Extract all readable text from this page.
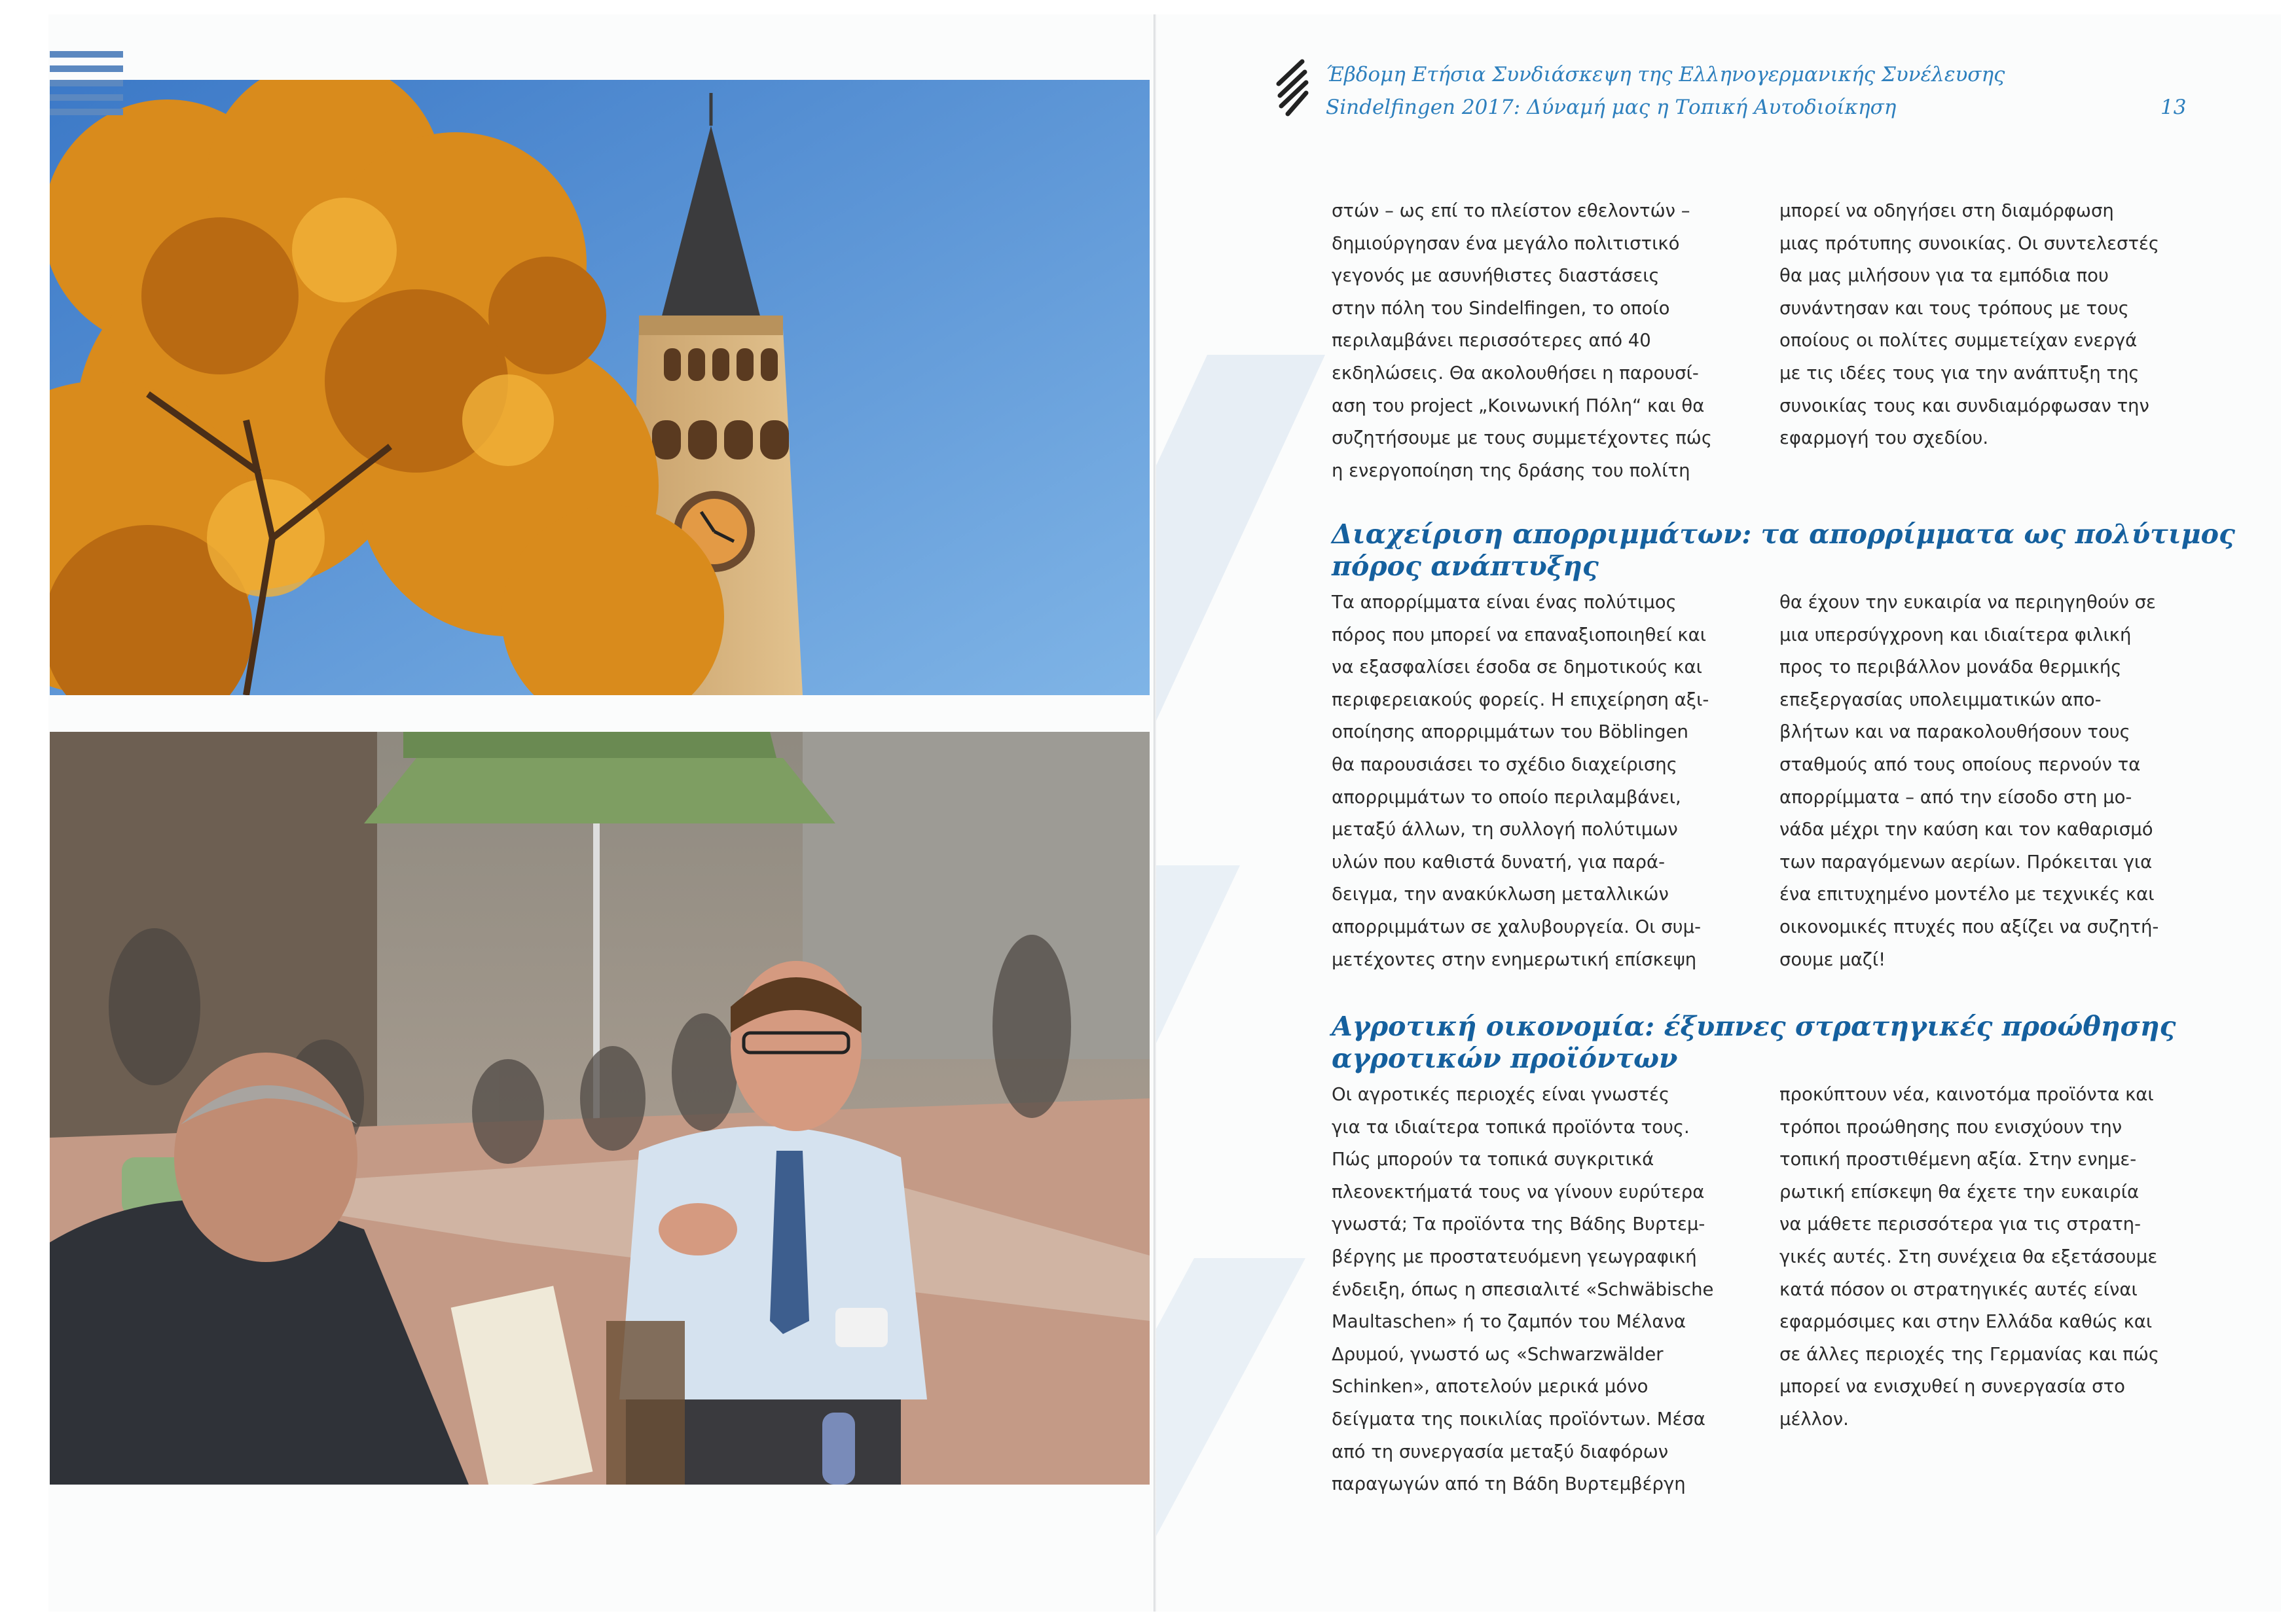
Έβδομη Ετήσια Συνδιάσκεψη της Ελληνογερμανικής Συνέλευσης
Sindelfingen 2017: Δύναμή μας η Τοπική Αυτοδιοίκηση	13
στών – ως επί το πλείστον εθελοντών –
δημιούργησαν ένα μεγάλο πολιτιστικό
γεγονός με ασυνήθιστες διαστάσεις
στην πόλη του Sindelfingen, το οποίο
περιλαμβάνει περισσότερες από 40
εκδηλώσεις. Θα ακολουθήσει η παρουσί-
αση του project „Κοινωνική Πόλη“ και θα
συζητήσουμε με τους συμμετέχοντες πώς
η ενεργοποίηση της δράσης του πολίτη
μπορεί να οδηγήσει στη διαμόρφωση
μιας πρότυπης συνοικίας. Οι συντελεστές
θα μας μιλήσουν για τα εμπόδια που
συνάντησαν και τους τρόπους με τους
οποίους οι πολίτες συμμετείχαν ενεργά
με τις ιδέες τους για την ανάπτυξη της
συνοικίας τους και συνδιαμόρφωσαν την
εφαρμογή του σχεδίου.
Διαχείριση απορριμμάτων: τα απορρίμματα ως πολύτιμος
πόρος ανάπτυξης
Τα απορρίμματα είναι ένας πολύτιμος
πόρος που μπορεί να επαναξιοποιηθεί και
να εξασφαλίσει έσοδα σε δημοτικούς και
περιφερειακούς φορείς. Η επιχείρηση αξι-
οποίησης απορριμμάτων του Böblingen
θα παρουσιάσει το σχέδιο διαχείρισης
απορριμμάτων το οποίο περιλαμβάνει,
μεταξύ άλλων, τη συλλογή πολύτιμων
υλών που καθιστά δυνατή, για παρά-
δειγμα, την ανακύκλωση μεταλλικών
απορριμμάτων σε χαλυβουργεία. Οι συμ-
μετέχοντες στην ενημερωτική επίσκεψη
θα έχουν την ευκαιρία να περιηγηθούν σε
μια υπερσύγχρονη και ιδιαίτερα φιλική
προς το περιβάλλον μονάδα θερμικής
επεξεργασίας υπολειμματικών απο-
βλήτων και να παρακολουθήσουν τους
σταθμούς από τους οποίους περνούν τα
απορρίμματα – από την είσοδο στη μο-
νάδα μέχρι την καύση και τον καθαρισμό
των παραγόμενων αερίων. Πρόκειται για
ένα επιτυχημένο μοντέλο με τεχνικές και
οικονομικές πτυχές που αξίζει να συζητή-
σουμε μαζί!
Αγροτική οικονομία: έξυπνες στρατηγικές προώθησης
αγροτικών προϊόντων
Οι αγροτικές περιοχές είναι γνωστές
για τα ιδιαίτερα τοπικά προϊόντα τους.
Πώς μπορούν τα τοπικά συγκριτικά
πλεονεκτήματά τους να γίνουν ευρύτερα
γνωστά; Τα προϊόντα της Βάδης Βυρτεμ-
βέργης με προστατευόμενη γεωγραφική
ένδειξη, όπως η σπεσιαλιτέ «Schwäbische
Maultaschen» ή το ζαμπόν του Μέλανα
Δρυμού, γνωστό ως «Schwarzwälder
Schinken», αποτελούν μερικά μόνο
δείγματα της ποικιλίας προϊόντων. Μέσα
από τη συνεργασία μεταξύ διαφόρων
παραγωγών από τη Βάδη Βυρτεμβέργη
προκύπτουν νέα, καινοτόμα προϊόντα και
τρόποι προώθησης που ενισχύουν την
τοπική προστιθέμενη αξία. Στην ενημε-
ρωτική επίσκεψη θα έχετε την ευκαιρία
να μάθετε περισσότερα για τις στρατη-
γικές αυτές. Στη συνέχεια θα εξετάσουμε
κατά πόσον οι στρατηγικές αυτές είναι
εφαρμόσιμες και στην Ελλάδα καθώς και
σε άλλες περιοχές της Γερμανίας και πώς
μπορεί να ενισχυθεί η συνεργασία στο
μέλλον.
